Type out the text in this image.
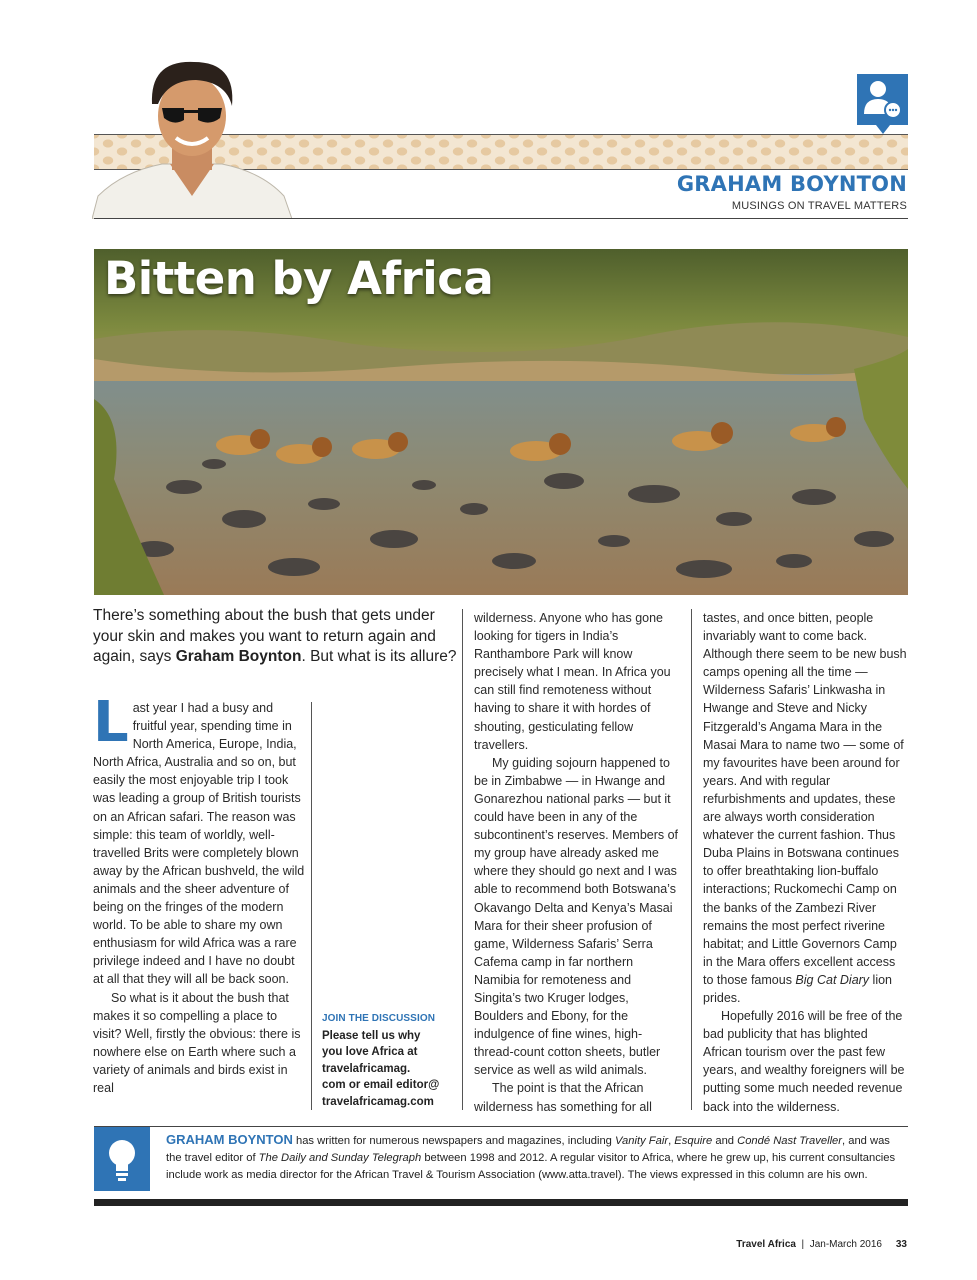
GRAHAM BOYNTON
MUSINGS ON TRAVEL MATTERS
Bitten by Africa
There’s something about the bush that gets under your skin and makes you want to return again and again, says Graham Boynton. But what is its allure?

Last year I had a busy and fruitful year, spending time in North America, Europe, India, North Africa, Australia and so on, but easily the most enjoyable trip I took was leading a group of British tourists on an African safari. The reason was simple: this team of worldly, well-travelled Brits were completely blown away by the African bushveld, the wild animals and the sheer adventure of being on the fringes of the modern world. To be able to share my own enthusiasm for wild Africa was a rare privilege indeed and I have no doubt at all that they will all be back soon.

So what is it about the bush that makes it so compelling a place to visit? Well, firstly the obvious: there is nowhere else on Earth where such a variety of animals and birds exist in real

JOIN THE DISCUSSION
Please tell us why
you love Africa at
travelafricamag.
com or email editor@
travelafricamag.com

wilderness. Anyone who has gone looking for tigers in India’s Ranthambore Park will know precisely what I mean. In Africa you can still find remoteness without having to share it with hordes of shouting, gesticulating fellow travellers.

My guiding sojourn happened to be in Zimbabwe — in Hwange and Gonarezhou national parks — but it could have been in any of the subcontinent’s reserves. Members of my group have already asked me where they should go next and I was able to recommend both Botswana’s Okavango Delta and Kenya’s Masai Mara for their sheer profusion of game, Wilderness Safaris’ Serra Cafema camp in far northern Namibia for remoteness and Singita’s two Kruger lodges, Boulders and Ebony, for the indulgence of fine wines, high-thread-count cotton sheets, butler service as well as wild animals.

The point is that the African wilderness has something for all

tastes, and once bitten, people invariably want to come back. Although there seem to be new bush camps opening all the time — Wilderness Safaris’ Linkwasha in Hwange and Steve and Nicky Fitzgerald’s Angama Mara in the Masai Mara to name two — some of my favourites have been around for years. And with regular refurbishments and updates, these are always worth consideration whatever the current fashion. Thus Duba Plains in Botswana continues to offer breathtaking lion-buffalo interactions; Ruckomechi Camp on the banks of the Zambezi River remains the most perfect riverine habitat; and Little Governors Camp in the Mara offers excellent access to those famous Big Cat Diary lion prides.

Hopefully 2016 will be free of the bad publicity that has blighted African tourism over the past few years, and wealthy foreigners will be putting some much needed revenue back into the wilderness.

GRAHAM BOYNTON has written for numerous newspapers and magazines, including Vanity Fair, Esquire and Condé Nast Traveller, and was the travel editor of The Daily and Sunday Telegraph between 1998 and 2012. A regular visitor to Africa, where he grew up, his current consultancies include work as media director for the African Travel & Tourism Association (www.atta.travel). The views expressed in this column are his own.
Travel Africa | Jan-March 2016 33
